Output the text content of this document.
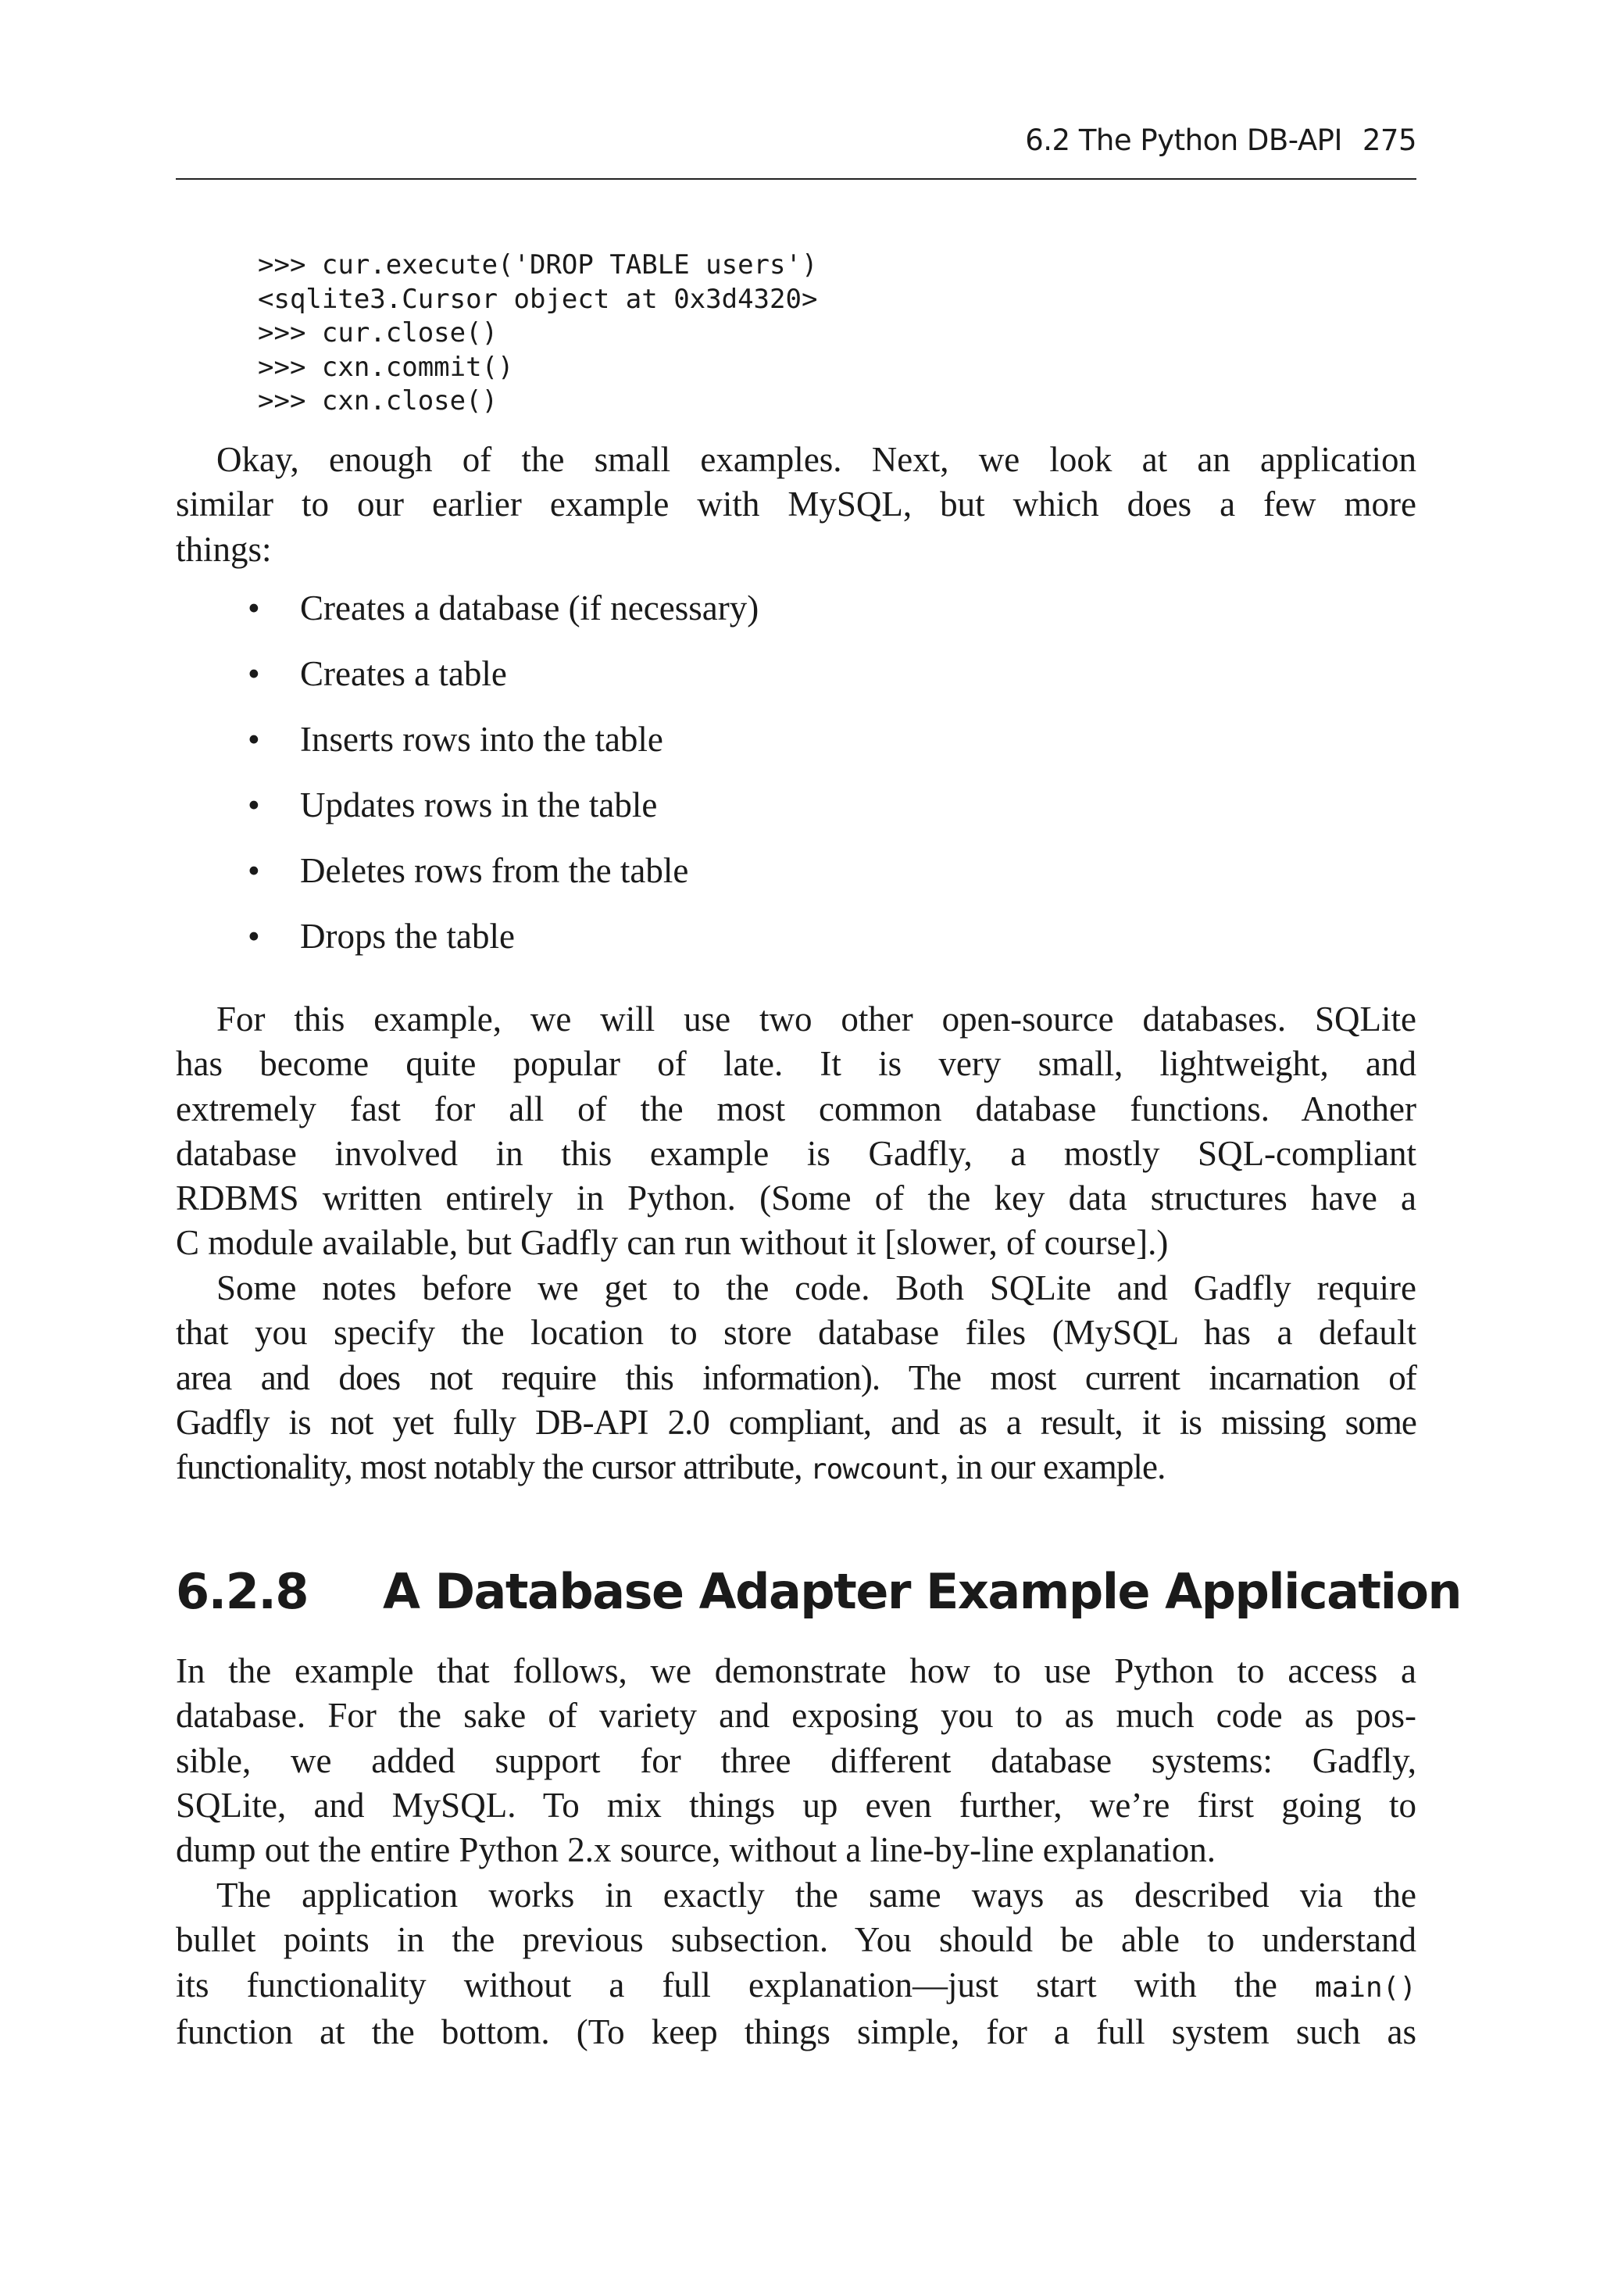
6.2 The Python DB-API 275
>>> cur.execute('DROP TABLE users')
<sqlite3.Cursor object at 0x3d4320>
>>> cur.close()
>>> cxn.commit()
>>> cxn.close()
Okay, enough of the small examples. Next, we look at an application
similar to our earlier example with MySQL, but which does a few more
things:
• Creates a database (if necessary)
• Creates a table
• Inserts rows into the table
• Updates rows in the table
• Deletes rows from the table
• Drops the table
For this example, we will use two other open-source databases. SQLite
has become quite popular of late. It is very small, lightweight, and
extremely fast for all of the most common database functions. Another
database involved in this example is Gadfly, a mostly SQL-compliant
RDBMS written entirely in Python. (Some of the key data structures have a
C module available, but Gadfly can run without it [slower, of course].)
Some notes before we get to the code. Both SQLite and Gadfly require
that you specify the location to store database files (MySQL has a default
area and does not require this information). The most current incarnation of
Gadfly is not yet fully DB-API 2.0 compliant, and as a result, it is missing some
functionality, most notably the cursor attribute, rowcount, in our example.
6.2.8 A Database Adapter Example Application
In the example that follows, we demonstrate how to use Python to access a
database. For the sake of variety and exposing you to as much code as pos-
sible, we added support for three different database systems: Gadfly,
SQLite, and MySQL. To mix things up even further, we’re first going to
dump out the entire Python 2.x source, without a line-by-line explanation.
The application works in exactly the same ways as described via the
bullet points in the previous subsection. You should be able to understand
its functionality without a full explanation—just start with the main()
function at the bottom. (To keep things simple, for a full system such as
